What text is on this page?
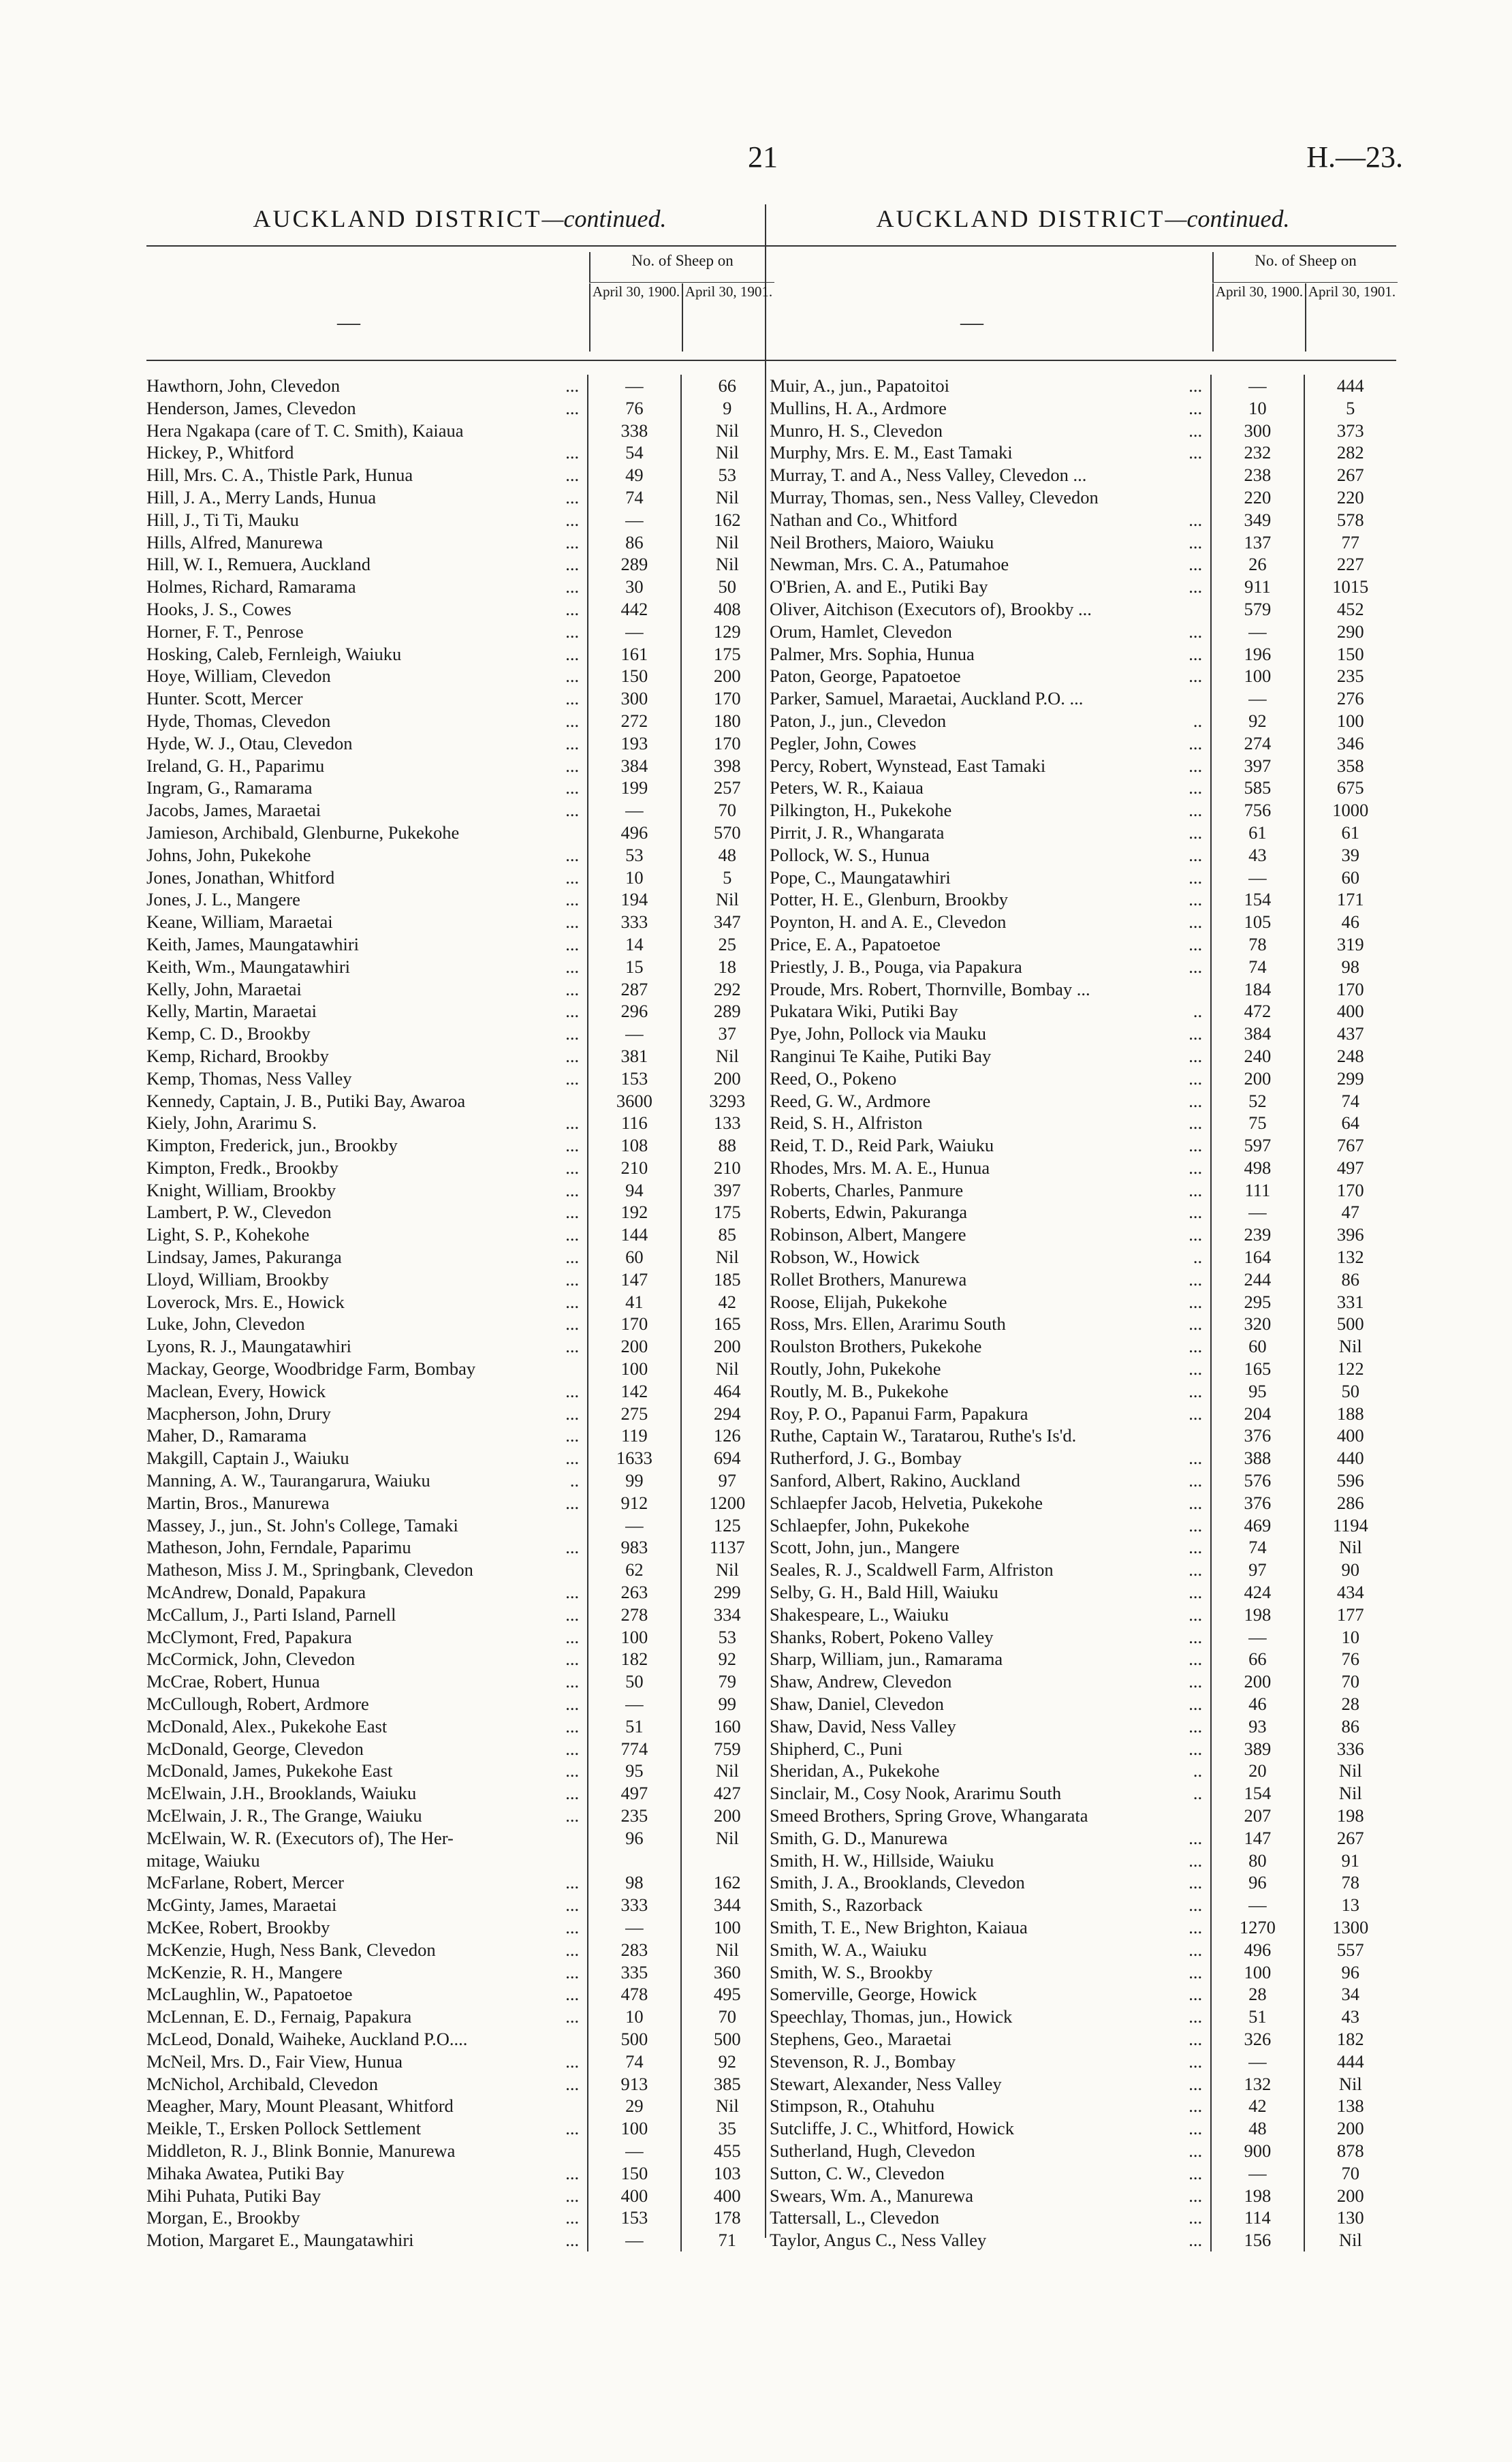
21	H.—23.
AUCKLAND DISTRICT—continued.
—
No. of Sheep on
April 30, 1900. April 30, 1901.
Hawthorn, John, Clevedon	...	—	66
Henderson, James, Clevedon	...	76	9
Hera Ngakapa (care of T. C. Smith), Kaiaua	338	Nil
Hickey, P., Whitford	...	54	Nil
Hill, Mrs. C. A., Thistle Park, Hunua	...	49	53
Hill, J. A., Merry Lands, Hunua	...	74	Nil
Hill, J., Ti Ti, Mauku	...	—	162
Hills, Alfred, Manurewa	...	86	Nil
Hill, W. I., Remuera, Auckland	...	289	Nil
Holmes, Richard, Ramarama	...	30	50
Hooks, J. S., Cowes	...	442	408
Horner, F. T., Penrose	...	—	129
Hosking, Caleb, Fernleigh, Waiuku	...	161	175
Hoye, William, Clevedon	...	150	200
Hunter. Scott, Mercer	...	300	170
Hyde, Thomas, Clevedon	...	272	180
Hyde, W. J., Otau, Clevedon	...	193	170
Ireland, G. H., Paparimu	...	384	398
Ingram, G., Ramarama	...	199	257
Jacobs, James, Maraetai	...	—	70
Jamieson, Archibald, Glenburne, Pukekohe	496	570
Johns, John, Pukekohe	...	53	48
Jones, Jonathan, Whitford	...	10	5
Jones, J. L., Mangere	...	194	Nil
Keane, William, Maraetai	...	333	347
Keith, James, Maungatawhiri	...	14	25
Keith, Wm., Maungatawhiri	...	15	18
Kelly, John, Maraetai	...	287	292
Kelly, Martin, Maraetai	...	296	289
Kemp, C. D., Brookby	...	—	37
Kemp, Richard, Brookby	...	381	Nil
Kemp, Thomas, Ness Valley	...	153	200
Kennedy, Captain, J. B., Putiki Bay, Awaroa	3600	3293
Kiely, John, Ararimu S.	...	116	133
Kimpton, Frederick, jun., Brookby	...	108	88
Kimpton, Fredk., Brookby	...	210	210
Knight, William, Brookby	...	94	397
Lambert, P. W., Clevedon	...	192	175
Light, S. P., Kohekohe	...	144	85
Lindsay, James, Pakuranga	...	60	Nil
Lloyd, William, Brookby	...	147	185
Loverock, Mrs. E., Howick	...	41	42
Luke, John, Clevedon	...	170	165
Lyons, R. J., Maungatawhiri	...	200	200
Mackay, George, Woodbridge Farm, Bombay	100	Nil
Maclean, Every, Howick	...	142	464
Macpherson, John, Drury	...	275	294
Maher, D., Ramarama	...	119	126
Makgill, Captain J., Waiuku	...	1633	694
Manning, A. W., Taurangarura, Waiuku	..	99	97
Martin, Bros., Manurewa	...	912	1200
Massey, J., jun., St. John's College, Tamaki	—	125
Matheson, John, Ferndale, Paparimu	...	983	1137
Matheson, Miss J. M., Springbank, Clevedon	62	Nil
McAndrew, Donald, Papakura	...	263	299
McCallum, J., Parti Island, Parnell	...	278	334
McClymont, Fred, Papakura	...	100	53
McCormick, John, Clevedon	...	182	92
McCrae, Robert, Hunua	...	50	79
McCullough, Robert, Ardmore	...	—	99
McDonald, Alex., Pukekohe East	...	51	160
McDonald, George, Clevedon	...	774	759
McDonald, James, Pukekohe East	...	95	Nil
McElwain, J.H., Brooklands, Waiuku	...	497	427
McElwain, J. R., The Grange, Waiuku	...	235	200
McElwain, W. R. (Executors of), The Her-	96	Nil
mitage, Waiuku
McFarlane, Robert, Mercer	...	98	162
McGinty, James, Maraetai	...	333	344
McKee, Robert, Brookby	...	—	100
McKenzie, Hugh, Ness Bank, Clevedon	...	283	Nil
McKenzie, R. H., Mangere	...	335	360
McLaughlin, W., Papatoetoe	...	478	495
McLennan, E. D., Fernaig, Papakura	...	10	70
McLeod, Donald, Waiheke, Auckland P.O....	500	500
McNeil, Mrs. D., Fair View, Hunua	...	74	92
McNichol, Archibald, Clevedon	...	913	385
Meagher, Mary, Mount Pleasant, Whitford	29	Nil
Meikle, T., Ersken Pollock Settlement	...	100	35
Middleton, R. J., Blink Bonnie, Manurewa	—	455
Mihaka Awatea, Putiki Bay	...	150	103
Mihi Puhata, Putiki Bay	...	400	400
Morgan, E., Brookby	...	153	178
Motion, Margaret E., Maungatawhiri	...	—	71
AUCKLAND DISTRICT—continued.
—
No. of Sheep on
April 30, 1900. April 30, 1901.
Muir, A., jun., Papatoitoi	...	—	444
Mullins, H. A., Ardmore	...	10	5
Munro, H. S., Clevedon	...	300	373
Murphy, Mrs. E. M., East Tamaki	...	232	282
Murray, T. and A., Ness Valley, Clevedon ...	238	267
Murray, Thomas, sen., Ness Valley, Clevedon	220	220
Nathan and Co., Whitford	...	349	578
Neil Brothers, Maioro, Waiuku	...	137	77
Newman, Mrs. C. A., Patumahoe	...	26	227
O'Brien, A. and E., Putiki Bay	...	911	1015
Oliver, Aitchison (Executors of), Brookby ...	579	452
Orum, Hamlet, Clevedon	...	—	290
Palmer, Mrs. Sophia, Hunua	...	196	150
Paton, George, Papatoetoe	...	100	235
Parker, Samuel, Maraetai, Auckland P.O. ...	—	276
Paton, J., jun., Clevedon	..	92	100
Pegler, John, Cowes	...	274	346
Percy, Robert, Wynstead, East Tamaki	...	397	358
Peters, W. R., Kaiaua	...	585	675
Pilkington, H., Pukekohe	...	756	1000
Pirrit, J. R., Whangarata	...	61	61
Pollock, W. S., Hunua	...	43	39
Pope, C., Maungatawhiri	...	—	60
Potter, H. E., Glenburn, Brookby	...	154	171
Poynton, H. and A. E., Clevedon	...	105	46
Price, E. A., Papatoetoe	...	78	319
Priestly, J. B., Pouga, via Papakura	...	74	98
Proude, Mrs. Robert, Thornville, Bombay ...	184	170
Pukatara Wiki, Putiki Bay	..	472	400
Pye, John, Pollock via Mauku	...	384	437
Ranginui Te Kaihe, Putiki Bay	...	240	248
Reed, O., Pokeno	...	200	299
Reed, G. W., Ardmore	...	52	74
Reid, S. H., Alfriston	...	75	64
Reid, T. D., Reid Park, Waiuku	...	597	767
Rhodes, Mrs. M. A. E., Hunua	...	498	497
Roberts, Charles, Panmure	...	111	170
Roberts, Edwin, Pakuranga	...	—	47
Robinson, Albert, Mangere	...	239	396
Robson, W., Howick	..	164	132
Rollet Brothers, Manurewa	...	244	86
Roose, Elijah, Pukekohe	...	295	331
Ross, Mrs. Ellen, Ararimu South	...	320	500
Roulston Brothers, Pukekohe	...	60	Nil
Routly, John, Pukekohe	...	165	122
Routly, M. B., Pukekohe	...	95	50
Roy, P. O., Papanui Farm, Papakura	...	204	188
Ruthe, Captain W., Taratarou, Ruthe's Is'd.	376	400
Rutherford, J. G., Bombay	...	388	440
Sanford, Albert, Rakino, Auckland	...	576	596
Schlaepfer Jacob, Helvetia, Pukekohe	...	376	286
Schlaepfer, John, Pukekohe	...	469	1194
Scott, John, jun., Mangere	...	74	Nil
Seales, R. J., Scaldwell Farm, Alfriston	...	97	90
Selby, G. H., Bald Hill, Waiuku	...	424	434
Shakespeare, L., Waiuku	...	198	177
Shanks, Robert, Pokeno Valley	...	—	10
Sharp, William, jun., Ramarama	...	66	76
Shaw, Andrew, Clevedon	...	200	70
Shaw, Daniel, Clevedon	...	46	28
Shaw, David, Ness Valley	...	93	86
Shipherd, C., Puni	...	389	336
Sheridan, A., Pukekohe	..	20	Nil
Sinclair, M., Cosy Nook, Ararimu South	..	154	Nil
Smeed Brothers, Spring Grove, Whangarata	207	198
Smith, G. D., Manurewa	...	147	267
Smith, H. W., Hillside, Waiuku	...	80	91
Smith, J. A., Brooklands, Clevedon	...	96	78
Smith, S., Razorback	...	—	13
Smith, T. E., New Brighton, Kaiaua	...	1270	1300
Smith, W. A., Waiuku	...	496	557
Smith, W. S., Brookby	...	100	96
Somerville, George, Howick	...	28	34
Speechlay, Thomas, jun., Howick	...	51	43
Stephens, Geo., Maraetai	...	326	182
Stevenson, R. J., Bombay	...	—	444
Stewart, Alexander, Ness Valley	...	132	Nil
Stimpson, R., Otahuhu	...	42	138
Sutcliffe, J. C., Whitford, Howick	...	48	200
Sutherland, Hugh, Clevedon	...	900	878
Sutton, C. W., Clevedon	...	—	70
Swears, Wm. A., Manurewa	...	198	200
Tattersall, L., Clevedon	...	114	130
Taylor, Angus C., Ness Valley	...	156	Nil
